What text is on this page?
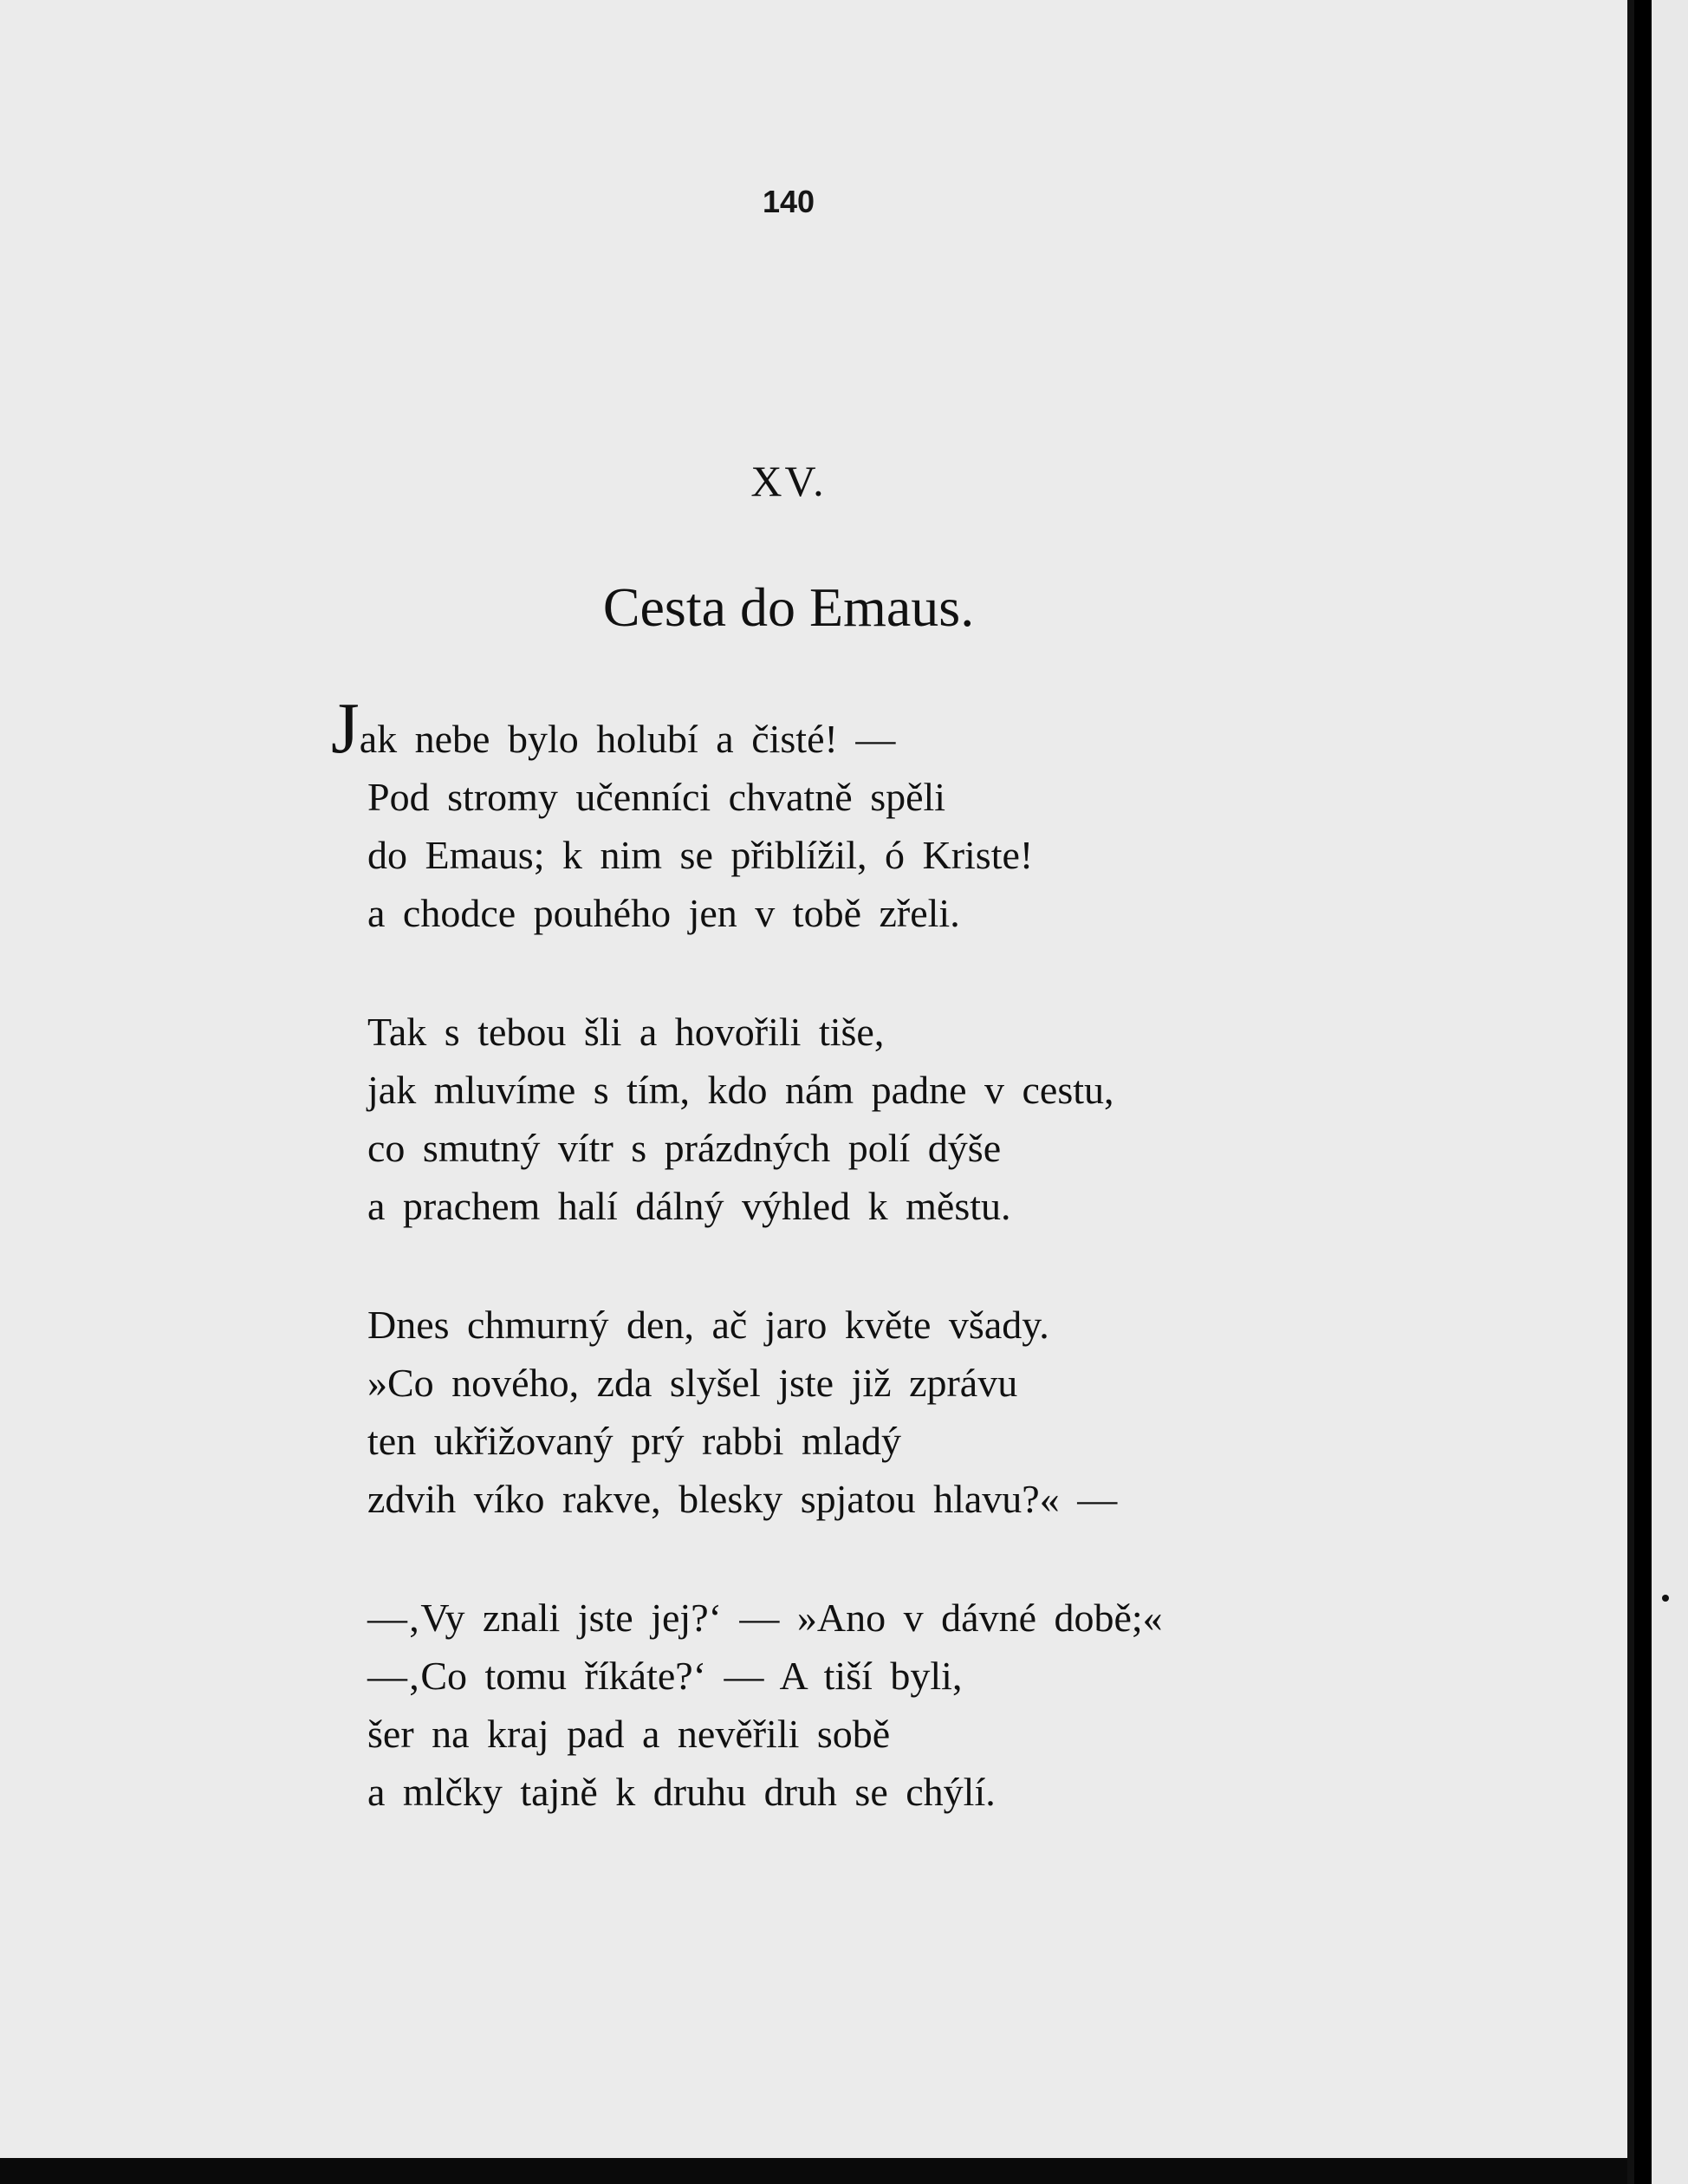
140
XV.
Cesta do Emaus.
Jak nebe bylo holubí a čisté! —
Pod stromy učenníci chvatně spěli
do Emaus; k nim se přiblížil, ó Kriste!
a chodce pouhého jen v tobě zřeli.
Tak s tebou šli a hovořili tiše,
jak mluvíme s tím, kdo nám padne v cestu,
co smutný vítr s prázdných polí dýše
a prachem halí dálný výhled k městu.
Dnes chmurný den, ač jaro květe všady.
»Co nového, zda slyšel jste již zprávu
ten ukřižovaný prý rabbi mladý
zdvih víko rakve, blesky spjatou hlavu?« —
—‚Vy znali jste jej?‘ — »Ano v dávné době;«
—‚Co tomu říkáte?‘ — A tiší byli,
šer na kraj pad a nevěřili sobě
a mlčky tajně k druhu druh se chýlí.
